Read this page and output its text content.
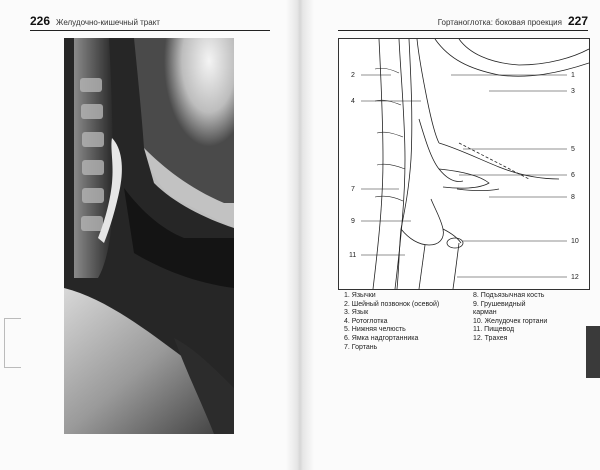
226 Желудочно-кишечный тракт	Гортаноглотка: боковая проекция 227
1
2
3
4
5
6
7
8
9
10
11
12
1. Язычки
2. Шейный позвонок (осевой)
3. Язык
4. Ротоглотка
5. Нижняя челюсть
6. Ямка надгортанника
7. Гортань
8. Подъязычная кость
9. Грушевидный карман
10. Желудочек гортани
11. Пищевод
12. Трахея
